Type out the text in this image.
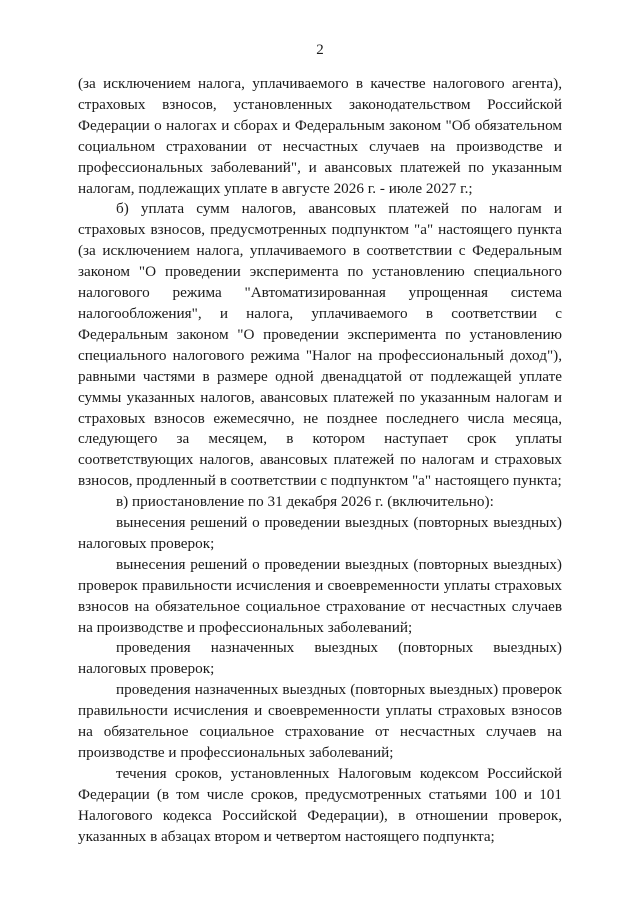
2

(за исключением налога, уплачиваемого в качестве налогового агента), страховых взносов, установленных законодательством Российской Федерации о налогах и сборах и Федеральным законом "Об обязательном социальном страховании от несчастных случаев на производстве и профессиональных заболеваний", и авансовых платежей по указанным налогам, подлежащих уплате в августе 2026 г. - июле 2027 г.;

б) уплата сумм налогов, авансовых платежей по налогам и страховых взносов, предусмотренных подпунктом "а" настоящего пункта (за исключением налога, уплачиваемого в соответствии с Федеральным законом "О проведении эксперимента по установлению специального налогового режима "Автоматизированная упрощенная система налогообложения", и налога, уплачиваемого в соответствии с Федеральным законом "О проведении эксперимента по установлению специального налогового режима "Налог на профессиональный доход"), равными частями в размере одной двенадцатой от подлежащей уплате суммы указанных налогов, авансовых платежей по указанным налогам и страховых взносов ежемесячно, не позднее последнего числа месяца, следующего за месяцем, в котором наступает срок уплаты соответствующих налогов, авансовых платежей по налогам и страховых взносов, продленный в соответствии с подпунктом "а" настоящего пункта;

в) приостановление по 31 декабря 2026 г. (включительно):

вынесения решений о проведении выездных (повторных выездных) налоговых проверок;

вынесения решений о проведении выездных (повторных выездных) проверок правильности исчисления и своевременности уплаты страховых взносов на обязательное социальное страхование от несчастных случаев на производстве и профессиональных заболеваний;

проведения назначенных выездных (повторных выездных) налоговых проверок;

проведения назначенных выездных (повторных выездных) проверок правильности исчисления и своевременности уплаты страховых взносов на обязательное социальное страхование от несчастных случаев на производстве и профессиональных заболеваний;

течения сроков, установленных Налоговым кодексом Российской Федерации (в том числе сроков, предусмотренных статьями 100 и 101 Налогового кодекса Российской Федерации), в отношении проверок, указанных в абзацах втором и четвертом настоящего подпункта;
